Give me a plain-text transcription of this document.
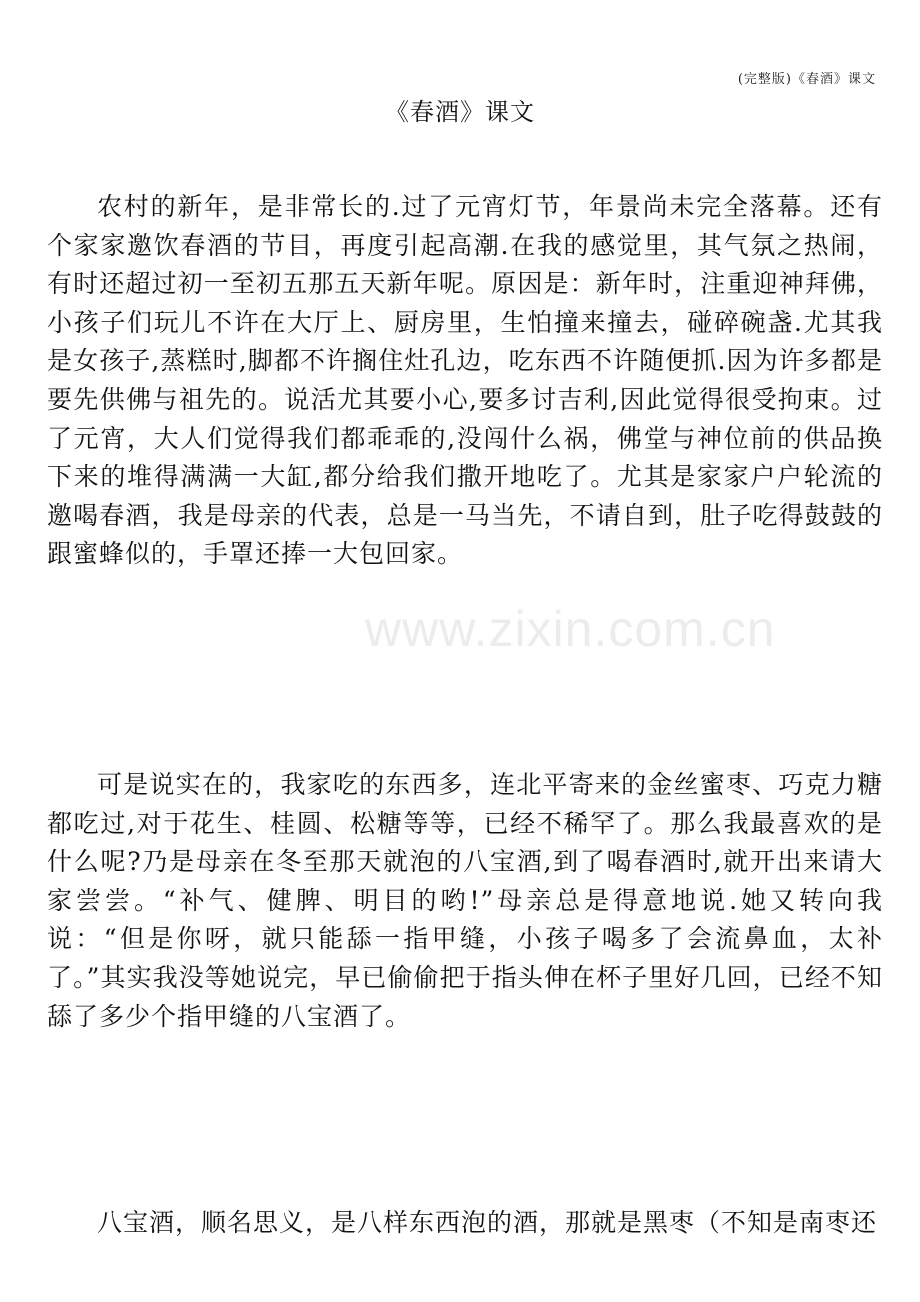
(完整版)《春酒》课文
《春酒》课文

农村的新年，是非常长的.过了元宵灯节，年景尚未完全落幕。还有个家家邀饮春酒的节目，再度引起高潮.在我的感觉里，其气氛之热闹，有时还超过初一至初五那五天新年呢。原因是：新年时，注重迎神拜佛，小孩子们玩儿不许在大厅上、厨房里，生怕撞来撞去，碰碎碗盏.尤其我是女孩子,蒸糕时,脚都不许搁住灶孔边，吃东西不许随便抓.因为许多都是要先供佛与祖先的。说活尤其要小心,要多讨吉利,因此觉得很受拘束。过了元宵，大人们觉得我们都乖乖的,没闯什么祸，佛堂与神位前的供品换下来的堆得满满一大缸,都分给我们撒开地吃了。尤其是家家户户轮流的邀喝春酒，我是母亲的代表，总是一马当先，不请自到，肚子吃得鼓鼓的跟蜜蜂似的，手罩还捧一大包回家。

可是说实在的，我家吃的东西多，连北平寄来的金丝蜜枣、巧克力糖都吃过,对于花生、桂圆、松糖等等，已经不稀罕了。那么我最喜欢的是什么呢?乃是母亲在冬至那天就泡的八宝酒,到了喝春酒时,就开出来请大家尝尝。“补气、健脾、明目的哟!”母亲总是得意地说.她又转向我说：“但是你呀，就只能舔一指甲缝，小孩子喝多了会流鼻血，太补了。”其实我没等她说完，早已偷偷把于指头伸在杯子里好几回，已经不知舔了多少个指甲缝的八宝酒了。

八宝酒，顺名思义，是八样东西泡的酒，那就是黑枣（不知是南枣还

www.zixin.com.cn
